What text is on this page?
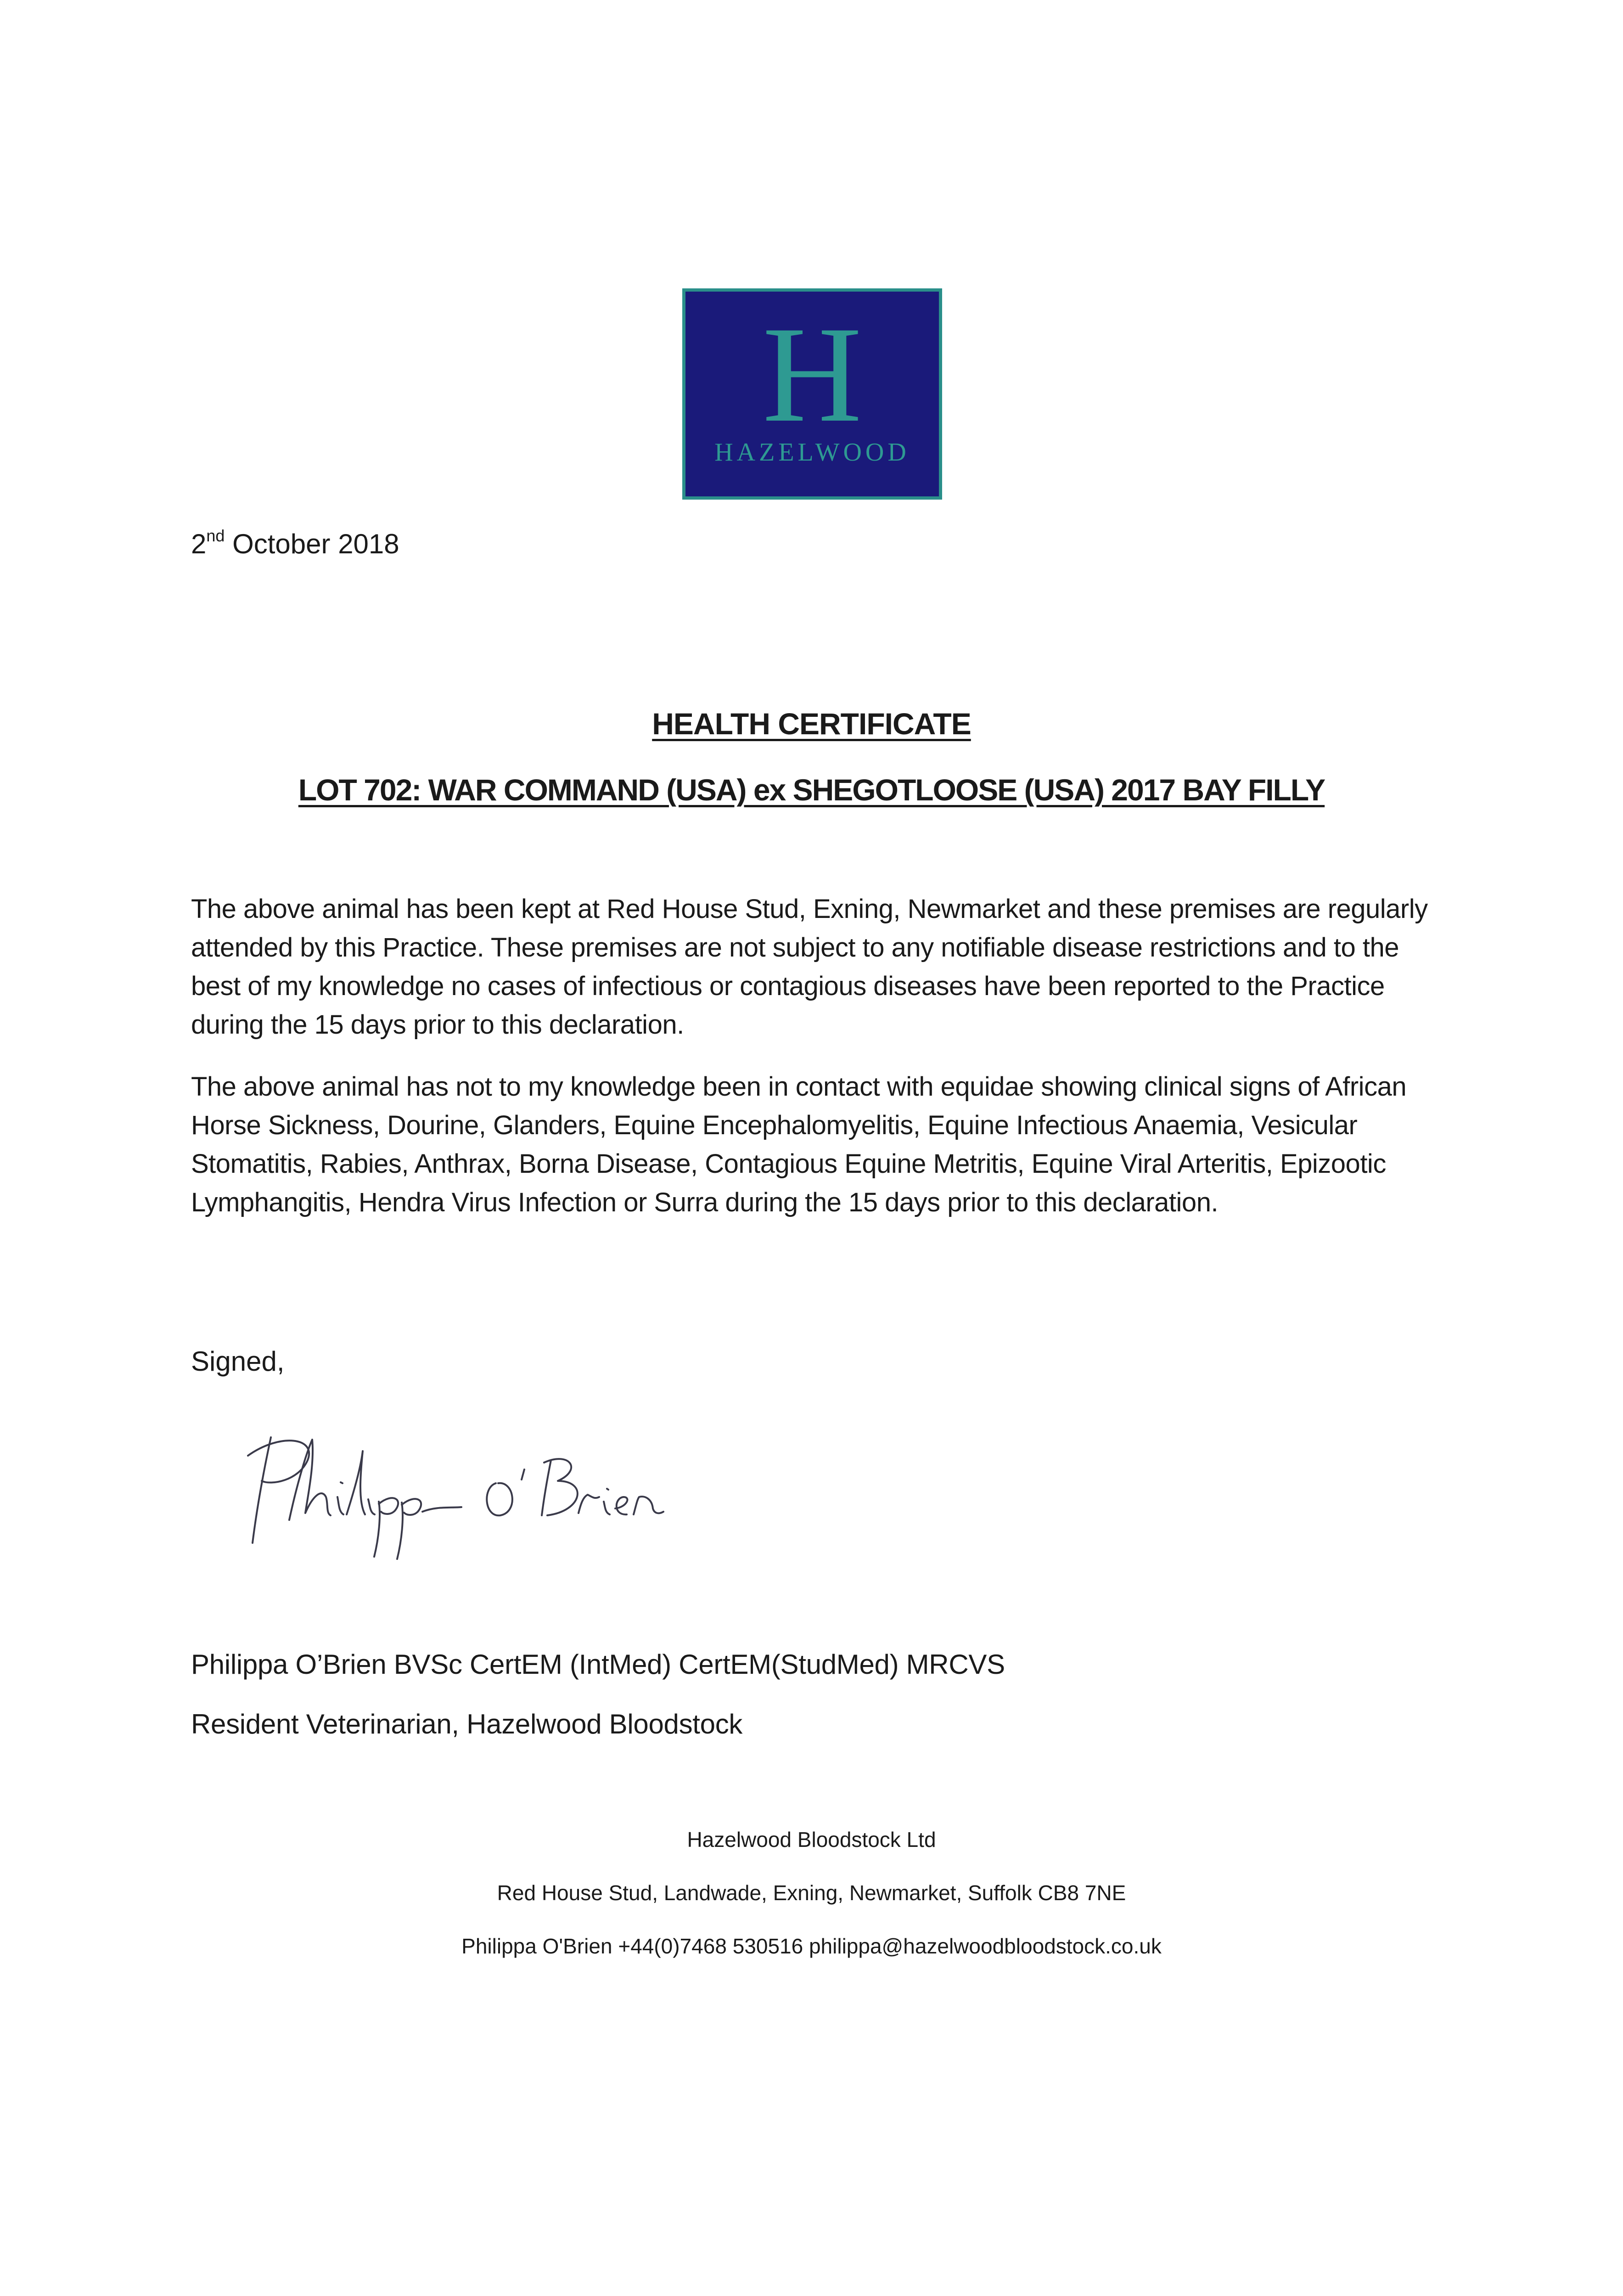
H
HAZELWOOD
2nd October 2018
HEALTH CERTIFICATE
LOT 702: WAR COMMAND (USA) ex SHEGOTLOOSE (USA) 2017 BAY FILLY

The above animal has been kept at Red House Stud, Exning, Newmarket and these premises are regularly attended by this Practice. These premises are not subject to any notifiable disease restrictions and to the best of my knowledge no cases of infectious or contagious diseases have been reported to the Practice during the 15 days prior to this declaration.

The above animal has not to my knowledge been in contact with equidae showing clinical signs of African Horse Sickness, Dourine, Glanders, Equine Encephalomyelitis, Equine Infectious Anaemia, Vesicular Stomatitis, Rabies, Anthrax, Borna Disease, Contagious Equine Metritis, Equine Viral Arteritis, Epizootic Lymphangitis, Hendra Virus Infection or Surra during the 15 days prior to this declaration.

Signed,
Philippa O’Brien BVSc CertEM (IntMed) CertEM(StudMed) MRCVS
Resident Veterinarian, Hazelwood Bloodstock
Hazelwood Bloodstock Ltd
Red House Stud, Landwade, Exning, Newmarket, Suffolk CB8 7NE
Philippa O'Brien +44(0)7468 530516 philippa@hazelwoodbloodstock.co.uk
